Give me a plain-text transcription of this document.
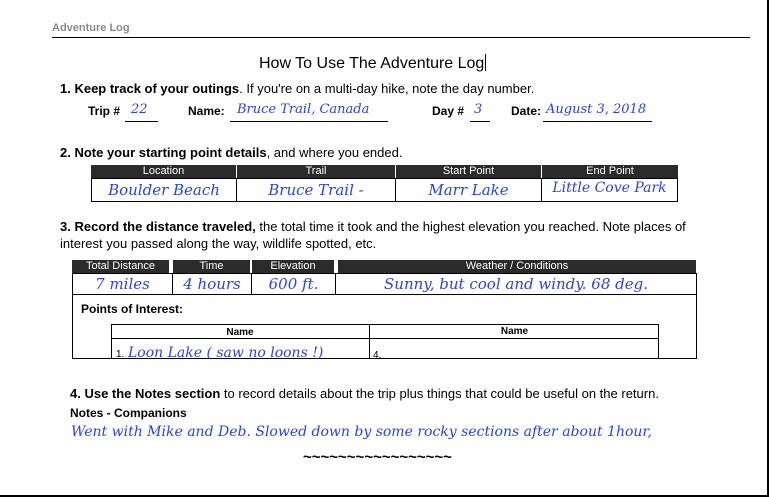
Adventure Log
How To Use The Adventure Log
1. Keep track of your outings. If you're on a multi-day hike, note the day number.
Trip # 22	Name: Bruce Trail, Canada	Day # 3 Date: August 3, 2018
2. Note your starting point details, and where you ended.
Location	Trail	Start Point	End Point
Boulder Beach	Bruce Trail -	Marr Lake	Little Cove Park
3. Record the distance traveled, the total time it took and the highest elevation you reached. Note places of
interest you passed along the way, wildlife spotted, etc.
Total Distance	Time	Elevation	Weather / Conditions
7 miles	4 hours	600 ft.	Sunny, but cool and windy. 68 deg.
Points of Interest:
Name	Name
1. Loon Lake ( saw no loons !)	4.
4. Use the Notes section to record details about the trip plus things that could be useful on the return.
Notes - Companions
Went with Mike and Deb. Slowed down by some rocky sections after about 1hour,
~~~~~~~~~~~~~~~~~
